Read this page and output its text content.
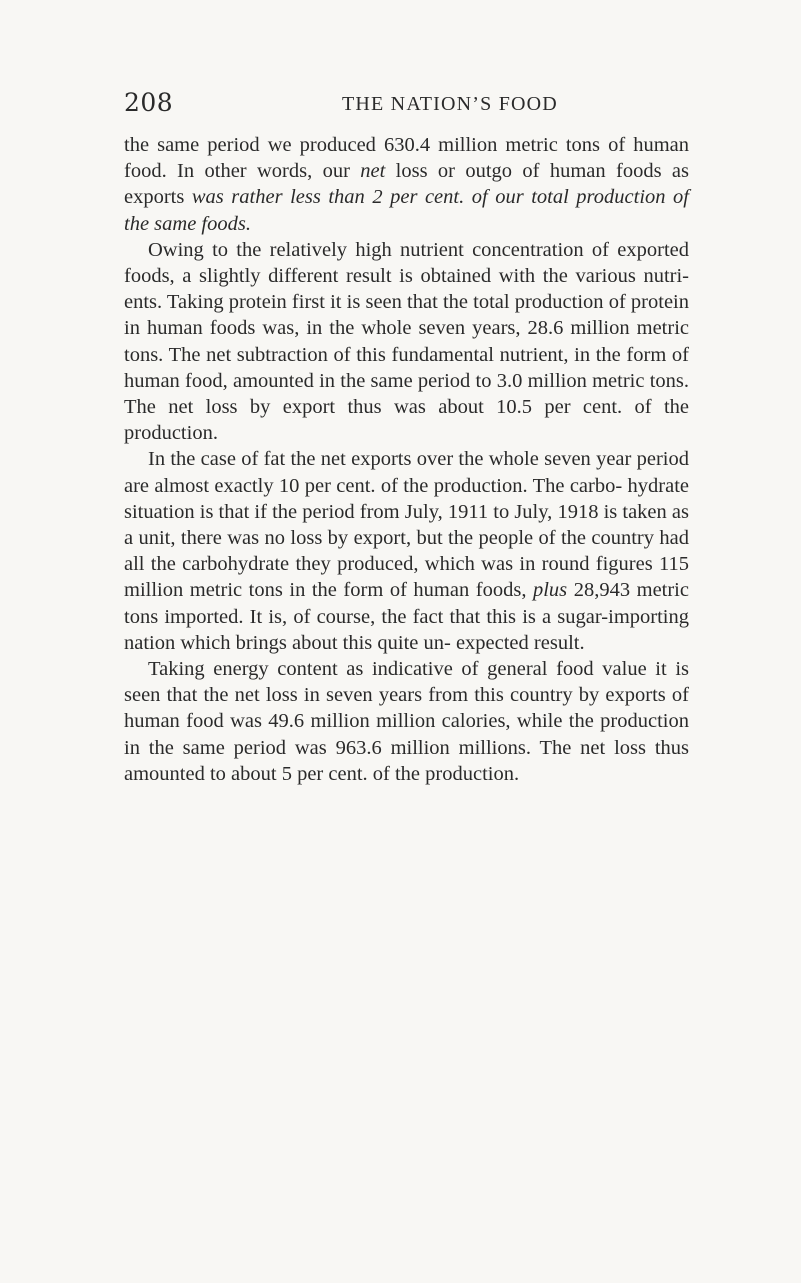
208	THE NATION’S FOOD

the same period we produced 630.4 million metric tons of human food. In other words, our net loss or outgo of human foods as exports was rather less than 2 per cent. of our total production of the same foods.

Owing to the relatively high nutrient concentration of exported foods, a slightly different result is obtained with the various nutri- ents. Taking protein first it is seen that the total production of protein in human foods was, in the whole seven years, 28.6 million metric tons. The net subtraction of this fundamental nutrient, in the form of human food, amounted in the same period to 3.0 million metric tons. The net loss by export thus was about 10.5 per cent. of the production.

In the case of fat the net exports over the whole seven year period are almost exactly 10 per cent. of the production. The carbo- hydrate situation is that if the period from July, 1911 to July, 1918 is taken as a unit, there was no loss by export, but the people of the country had all the carbohydrate they produced, which was in round figures 115 million metric tons in the form of human foods, plus 28,943 metric tons imported. It is, of course, the fact that this is a sugar-importing nation which brings about this quite un- expected result.

Taking energy content as indicative of general food value it is seen that the net loss in seven years from this country by exports of human food was 49.6 million million calories, while the production in the same period was 963.6 million millions. The net loss thus amounted to about 5 per cent. of the production.
